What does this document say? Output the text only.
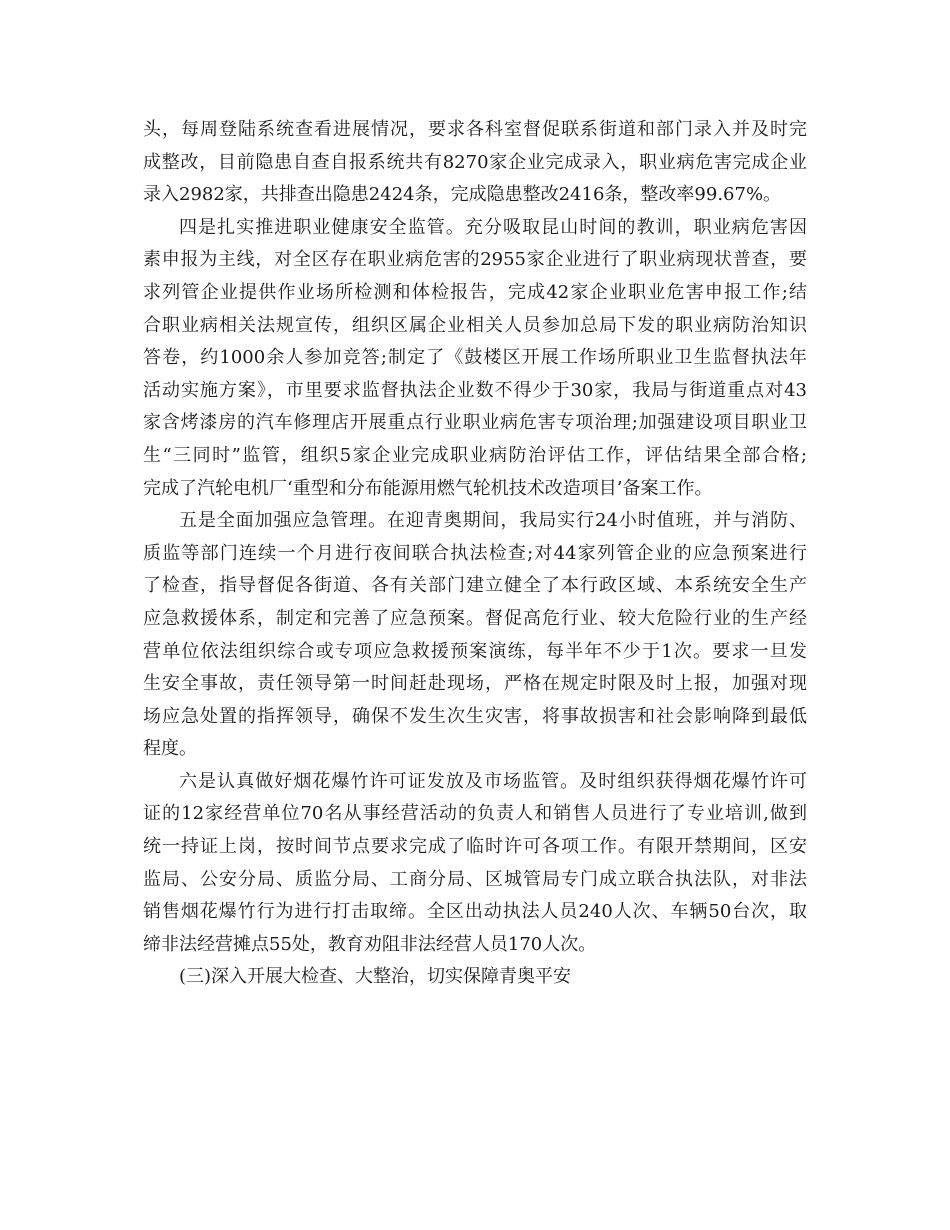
头，每周登陆系统查看进展情况，要求各科室督促联系街道和部门录入并及时完
成整改，目前隐患自查自报系统共有8270家企业完成录入，职业病危害完成企业
录入2982家，共排查出隐患2424条，完成隐患整改2416条，整改率99.67%。
四是扎实推进职业健康安全监管。充分吸取昆山时间的教训，职业病危害因
素申报为主线，对全区存在职业病危害的2955家企业进行了职业病现状普查，要
求列管企业提供作业场所检测和体检报告，完成42家企业职业危害申报工作;结
合职业病相关法规宣传，组织区属企业相关人员参加总局下发的职业病防治知识
答卷，约1000余人参加竞答;制定了《鼓楼区开展工作场所职业卫生监督执法年
活动实施方案》，市里要求监督执法企业数不得少于30家，我局与街道重点对43
家含烤漆房的汽车修理店开展重点行业职业病危害专项治理;加强建设项目职业卫
生“三同时”监管，组织5家企业完成职业病防治评估工作，评估结果全部合格;
完成了汽轮电机厂‘重型和分布能源用燃气轮机技术改造项目’备案工作。
五是全面加强应急管理。在迎青奥期间，我局实行24小时值班，并与消防、
质监等部门连续一个月进行夜间联合执法检查;对44家列管企业的应急预案进行
了检查，指导督促各街道、各有关部门建立健全了本行政区域、本系统安全生产
应急救援体系，制定和完善了应急预案。督促高危行业、较大危险行业的生产经
营单位依法组织综合或专项应急救援预案演练，每半年不少于1次。要求一旦发
生安全事故，责任领导第一时间赶赴现场，严格在规定时限及时上报，加强对现
场应急处置的指挥领导，确保不发生次生灾害，将事故损害和社会影响降到最低
程度。
六是认真做好烟花爆竹许可证发放及市场监管。及时组织获得烟花爆竹许可
证的12家经营单位70名从事经营活动的负责人和销售人员进行了专业培训,做到
统一持证上岗，按时间节点要求完成了临时许可各项工作。有限开禁期间，区安
监局、公安分局、质监分局、工商分局、区城管局专门成立联合执法队，对非法
销售烟花爆竹行为进行打击取缔。全区出动执法人员240人次、车辆50台次，取
缔非法经营摊点55处，教育劝阻非法经营人员170人次。
(三)深入开展大检查、大整治，切实保障青奥平安
